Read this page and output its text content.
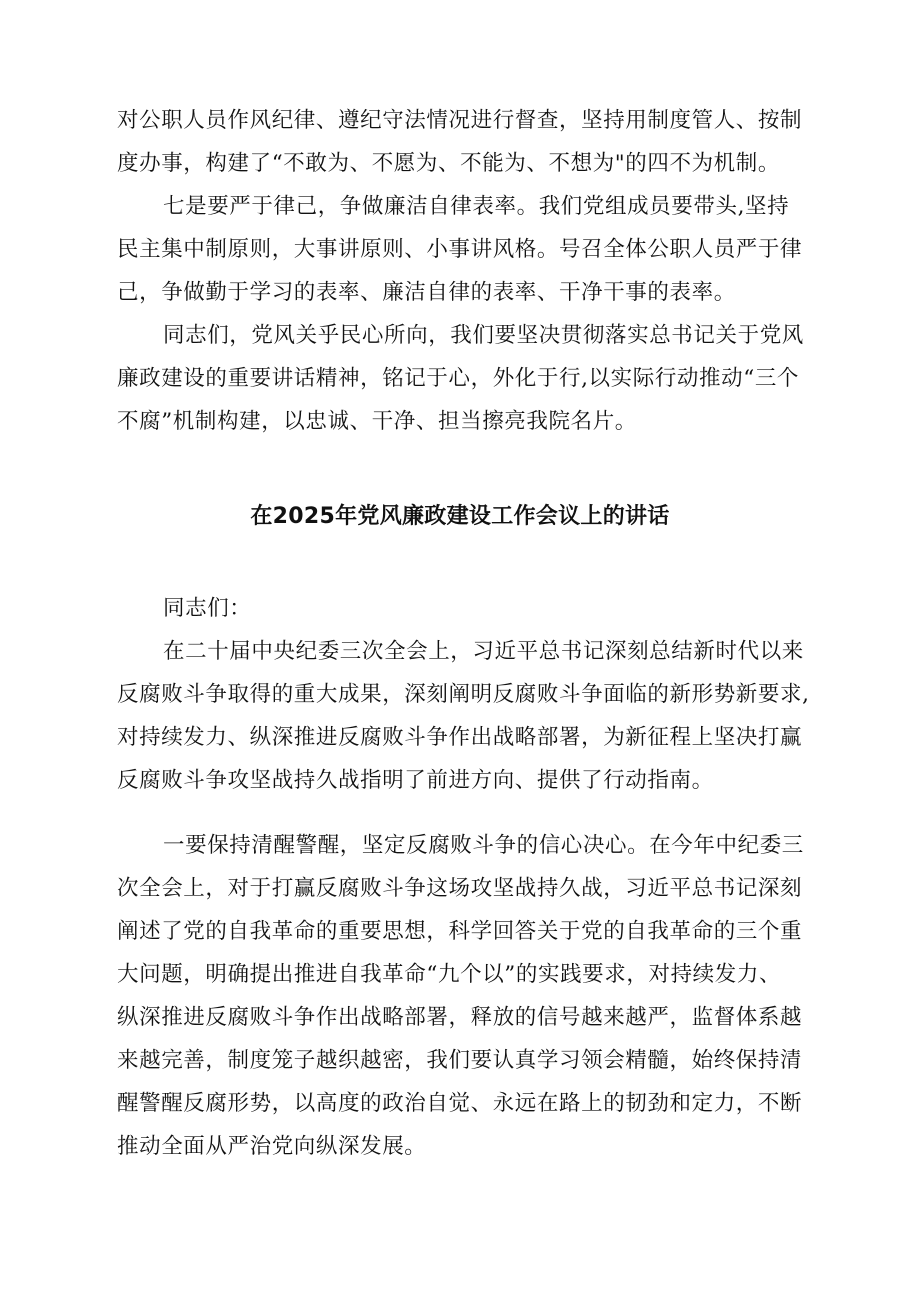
对公职人员作风纪律、遵纪守法情况进行督查，坚持用制度管人、按制
度办事，构建了“不敢为、不愿为、不能为、不想为"的四不为机制。
七是要严于律己，争做廉洁自律表率。我们党组成员要带头,坚持
民主集中制原则，大事讲原则、小事讲风格。号召全体公职人员严于律
己，争做勤于学习的表率、廉洁自律的表率、干净干事的表率。
同志们，党风关乎民心所向，我们要坚决贯彻落实总书记关于党风
廉政建设的重要讲话精神，铭记于心，外化于行,以实际行动推动“三个
不腐”机制构建，以忠诚、干净、担当擦亮我院名片。
在2025年党风廉政建设工作会议上的讲话
同志们：
在二十届中央纪委三次全会上，习近平总书记深刻总结新时代以来
反腐败斗争取得的重大成果，深刻阐明反腐败斗争面临的新形势新要求,
对持续发力、纵深推进反腐败斗争作出战略部署，为新征程上坚决打赢
反腐败斗争攻坚战持久战指明了前进方向、提供了行动指南。
一要保持清醒警醒，坚定反腐败斗争的信心决心。在今年中纪委三
次全会上，对于打赢反腐败斗争这场攻坚战持久战，习近平总书记深刻
阐述了党的自我革命的重要思想，科学回答关于党的自我革命的三个重
大问题，明确提出推进自我革命“九个以”的实践要求，对持续发力、
纵深推进反腐败斗争作出战略部署，释放的信号越来越严，监督体系越
来越完善，制度笼子越织越密，我们要认真学习领会精髓，始终保持清
醒警醒反腐形势，以高度的政治自觉、永远在路上的韧劲和定力，不断
推动全面从严治党向纵深发展。
